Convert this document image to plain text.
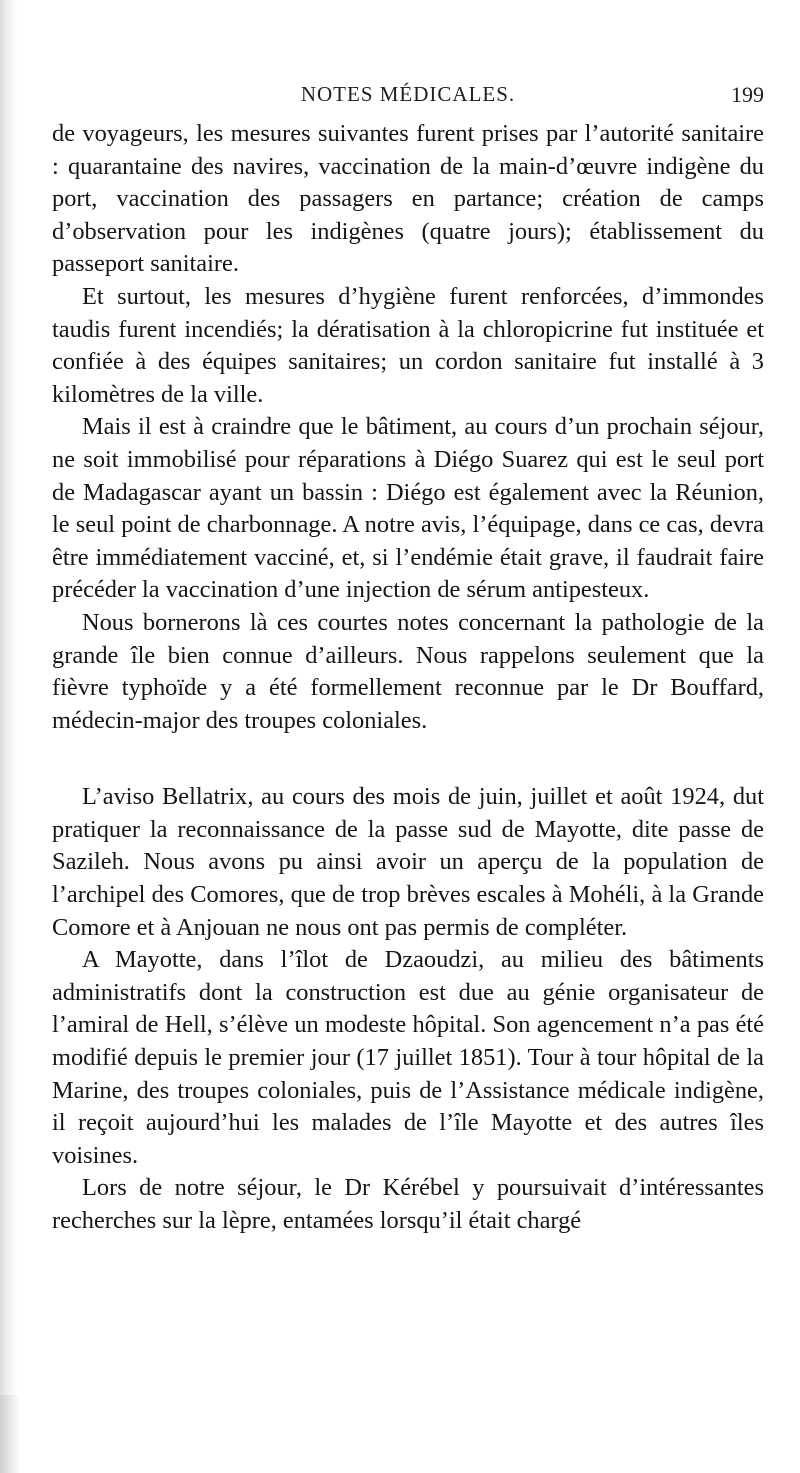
NOTES MÉDICALES.	199

de voyageurs, les mesures suivantes furent prises par l’autorité sanitaire : quarantaine des navires, vaccination de la main-d’œuvre indigène du port, vaccination des passagers en partance; création de camps d’observation pour les indigènes (quatre jours); établissement du passeport sanitaire.

Et surtout, les mesures d’hygiène furent renforcées, d’immondes taudis furent incendiés; la dératisation à la chloropicrine fut instituée et confiée à des équipes sanitaires; un cordon sanitaire fut installé à 3 kilomètres de la ville.

Mais il est à craindre que le bâtiment, au cours d’un prochain séjour, ne soit immobilisé pour réparations à Diégo Suarez qui est le seul port de Madagascar ayant un bassin : Diégo est également avec la Réunion, le seul point de charbonnage. A notre avis, l’équipage, dans ce cas, devra être immédiatement vacciné, et, si l’endémie était grave, il faudrait faire précéder la vaccination d’une injection de sérum antipesteux.

Nous bornerons là ces courtes notes concernant la pathologie de la grande île bien connue d’ailleurs. Nous rappelons seulement que la fièvre typhoïde y a été formellement reconnue par le Dr Bouffard, médecin-major des troupes coloniales.

L’aviso Bellatrix, au cours des mois de juin, juillet et août 1924, dut pratiquer la reconnaissance de la passe sud de Mayotte, dite passe de Sazileh. Nous avons pu ainsi avoir un aperçu de la population de l’archipel des Comores, que de trop brèves escales à Mohéli, à la Grande Comore et à Anjouan ne nous ont pas permis de compléter.

A Mayotte, dans l’îlot de Dzaoudzi, au milieu des bâtiments administratifs dont la construction est due au génie organisateur de l’amiral de Hell, s’élève un modeste hôpital. Son agencement n’a pas été modifié depuis le premier jour (17 juillet 1851). Tour à tour hôpital de la Marine, des troupes coloniales, puis de l’Assistance médicale indigène, il reçoit aujourd’hui les malades de l’île Mayotte et des autres îles voisines.

Lors de notre séjour, le Dr Kérébel y poursuivait d’intéressantes recherches sur la lèpre, entamées lorsqu’il était chargé
